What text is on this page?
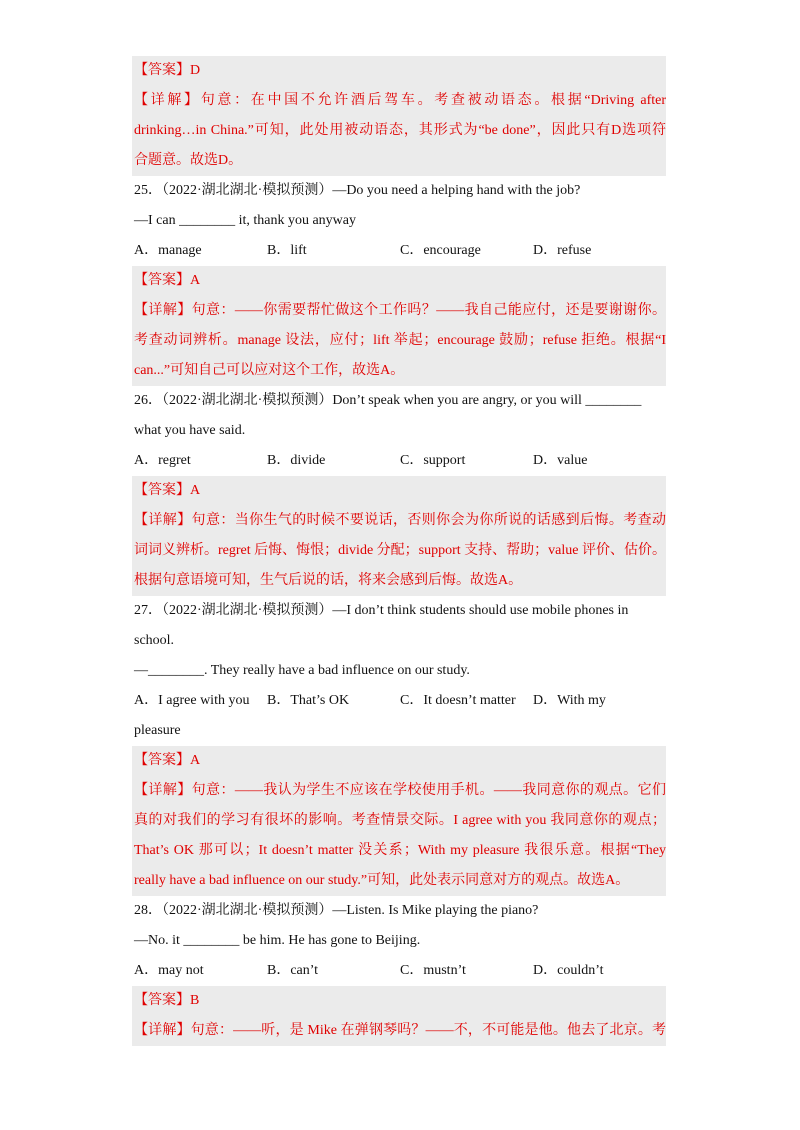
【答案】D
【详解】句意：在中国不允许酒后驾车。考查被动语态。根据“Driving after
drinking…in China.”可知，此处用被动语态，其形式为“be done”，因此只有D选项符
合题意。故选D。
25．（2022·湖北湖北·模拟预测）—Do you need a helping hand with the job?
—I can ________ it, thank you anyway
A．manage	B．lift	C．encourage	D．refuse
【答案】A
【详解】句意：——你需要帮忙做这个工作吗？——我自己能应付，还是要谢谢你。
考查动词辨析。manage 设法，应付；lift 举起；encourage 鼓励；refuse 拒绝。根据“I
can...”可知自己可以应对这个工作，故选A。
26．（2022·湖北湖北·模拟预测）Don’t speak when you are angry, or you will ________
what you have said.
A．regret	B．divide	C．support	D．value
【答案】A
【详解】句意：当你生气的时候不要说话，否则你会为你所说的话感到后悔。考查动
词词义辨析。regret 后悔、悔恨；divide 分配；support 支持、帮助；value 评价、估价。
根据句意语境可知，生气后说的话，将来会感到后悔。故选A。
27．（2022·湖北湖北·模拟预测）—I don’t think students should use mobile phones in
school.
—________. They really have a bad influence on our study.
A．I agree with you	B．That’s OK	C．It doesn’t matter	D．With my
pleasure
【答案】A
【详解】句意：——我认为学生不应该在学校使用手机。——我同意你的观点。它们
真的对我们的学习有很坏的影响。考查情景交际。I agree with you 我同意你的观点；
That’s OK 那可以；It doesn’t matter 没关系；With my pleasure 我很乐意。根据“They
really have a bad influence on our study.”可知，此处表示同意对方的观点。故选A。
28．（2022·湖北湖北·模拟预测）—Listen. Is Mike playing the piano?
—No. it ________ be him. He has gone to Beijing.
A．may not	B．can’t	C．mustn’t	D．couldn’t
【答案】B
【详解】句意：——听，是 Mike 在弹钢琴吗？——不，不可能是他。他去了北京。考
